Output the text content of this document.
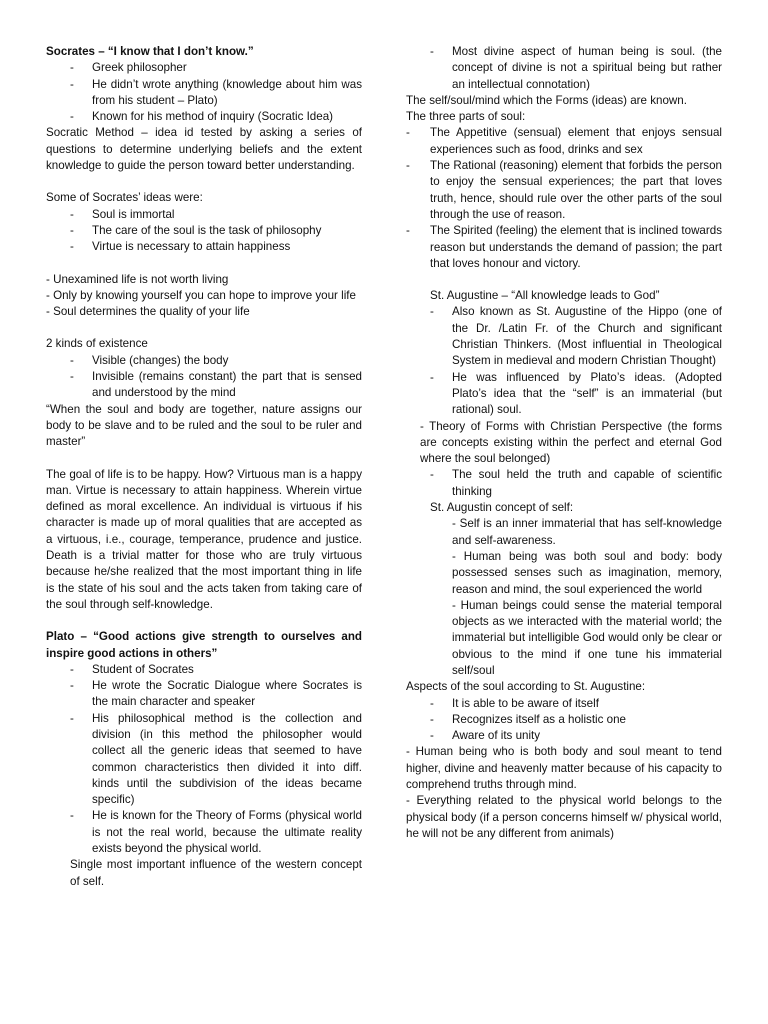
Socrates – “I know that I don’t know.”

- Greek philosopher

- He didn’t wrote anything (knowledge about him was from his student – Plato)

- Known for his method of inquiry (Socratic Idea)

Socratic Method – idea id tested by asking a series of questions to determine underlying beliefs and the extent knowledge to guide the person toward better understanding.

Some of Socrates’ ideas were:

- Soul is immortal

- The care of the soul is the task of philosophy

- Virtue is necessary to attain happiness

- Unexamined life is not worth living

- Only by knowing yourself you can hope to improve your life

- Soul determines the quality of your life

2 kinds of existence

- Visible (changes) the body

- Invisible (remains constant) the part that is sensed and understood by the mind

“When the soul and body are together, nature assigns our body to be slave and to be ruled and the soul to be ruler and master”

The goal of life is to be happy. How? Virtuous man is a happy man. Virtue is necessary to attain happiness. Wherein virtue defined as moral excellence. An individual is virtuous if his character is made up of moral qualities that are accepted as a virtuous, i.e., courage, temperance, prudence and justice. Death is a trivial matter for those who are truly virtuous because he/she realized that the most important thing in life is the state of his soul and the acts taken from taking care of the soul through self-knowledge.

Plato – “Good actions give strength to ourselves and inspire good actions in others”

- Student of Socrates

- He wrote the Socratic Dialogue where Socrates is the main character and speaker

- His philosophical method is the collection and division (in this method the philosopher would collect all the generic ideas that seemed to have common characteristics then divided it into diff. kinds until the subdivision of the ideas became specific)

- He is known for the Theory of Forms (physical world is not the real world, because the ultimate reality exists beyond the physical world.

Single most important influence of the western concept of self.

- Most divine aspect of human being is soul. (the concept of divine is not a spiritual being but rather an intellectual connotation)

The self/soul/mind which the Forms (ideas) are known.

The three parts of soul:

- The Appetitive (sensual) element that enjoys sensual experiences such as food, drinks and sex

- The Rational (reasoning) element that forbids the person to enjoy the sensual experiences; the part that loves truth, hence, should rule over the other parts of the soul through the use of reason.

- The Spirited (feeling) the element that is inclined towards reason but understands the demand of passion; the part that loves honour and victory.

St. Augustine – “All knowledge leads to God”

- Also known as St. Augustine of the Hippo (one of the Dr. /Latin Fr. of the Church and significant Christian Thinkers. (Most influential in Theological System in medieval and modern Christian Thought)

- He was influenced by Plato’s ideas. (Adopted Plato’s idea that the “self” is an immaterial (but rational) soul.

- Theory of Forms with Christian Perspective (the forms are concepts existing within the perfect and eternal God where the soul belonged)

- The soul held the truth and capable of scientific thinking

St. Augustin concept of self:

- Self is an inner immaterial that has self-knowledge and self-awareness.

- Human being was both soul and body: body possessed senses such as imagination, memory, reason and mind, the soul experienced the world

- Human beings could sense the material temporal objects as we interacted with the material world; the immaterial but intelligible God would only be clear or obvious to the mind if one tune his immaterial self/soul

Aspects of the soul according to St. Augustine:

- It is able to be aware of itself

- Recognizes itself as a holistic one

- Aware of its unity

- Human being who is both body and soul meant to tend higher, divine and heavenly matter because of his capacity to comprehend truths through mind.

- Everything related to the physical world belongs to the physical body (if a person concerns himself w/ physical world, he will not be any different from animals)
